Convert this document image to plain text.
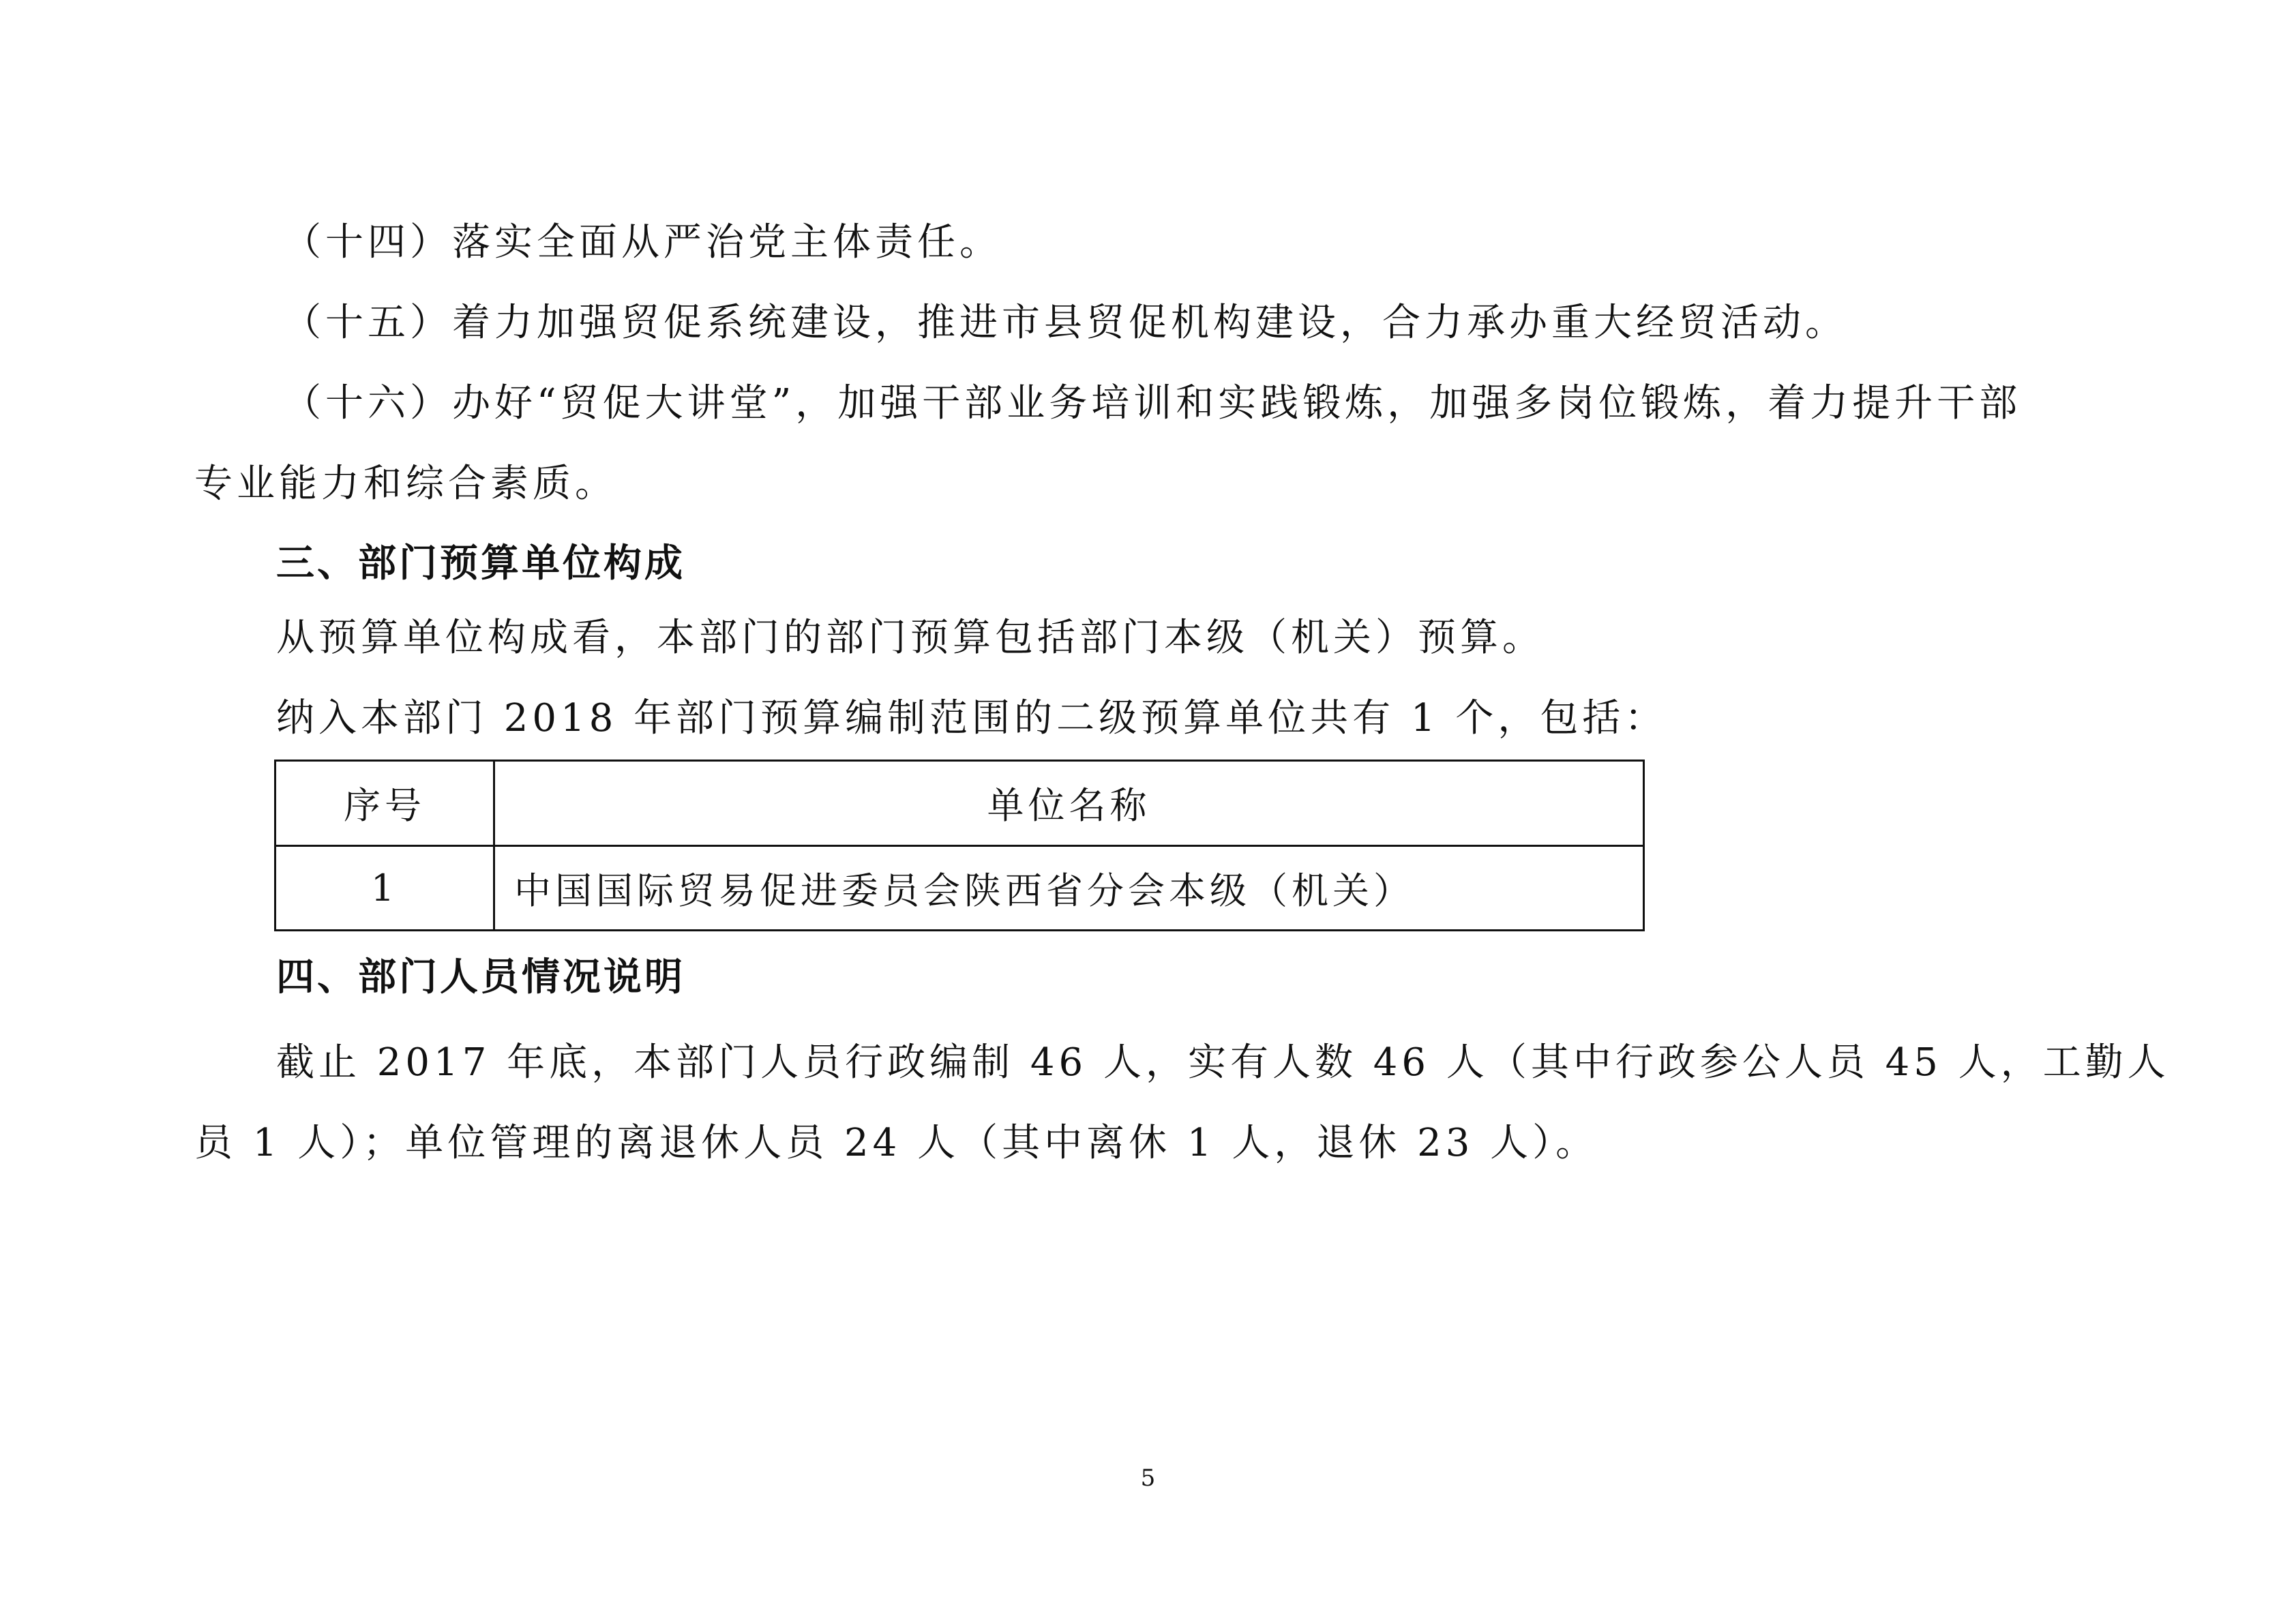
（十四）落实全面从严治党主体责任。
（十五）着力加强贸促系统建设，推进市县贸促机构建设，合力承办重大经贸活动。
（十六）办好“贸促大讲堂”，加强干部业务培训和实践锻炼，加强多岗位锻炼，着力提升干部
专业能力和综合素质。
三、部门预算单位构成
从预算单位构成看，本部门的部门预算包括部门本级（机关）预算。
纳入本部门 2018 年部门预算编制范围的二级预算单位共有 1 个，包括：
序号	单位名称
1	中国国际贸易促进委员会陕西省分会本级（机关）
四、部门人员情况说明
截止 2017 年底，本部门人员行政编制 46 人，实有人数 46 人（其中行政参公人员 45 人，工勤人
员 1 人）；单位管理的离退休人员 24 人（其中离休 1 人，退休 23 人）。
5
